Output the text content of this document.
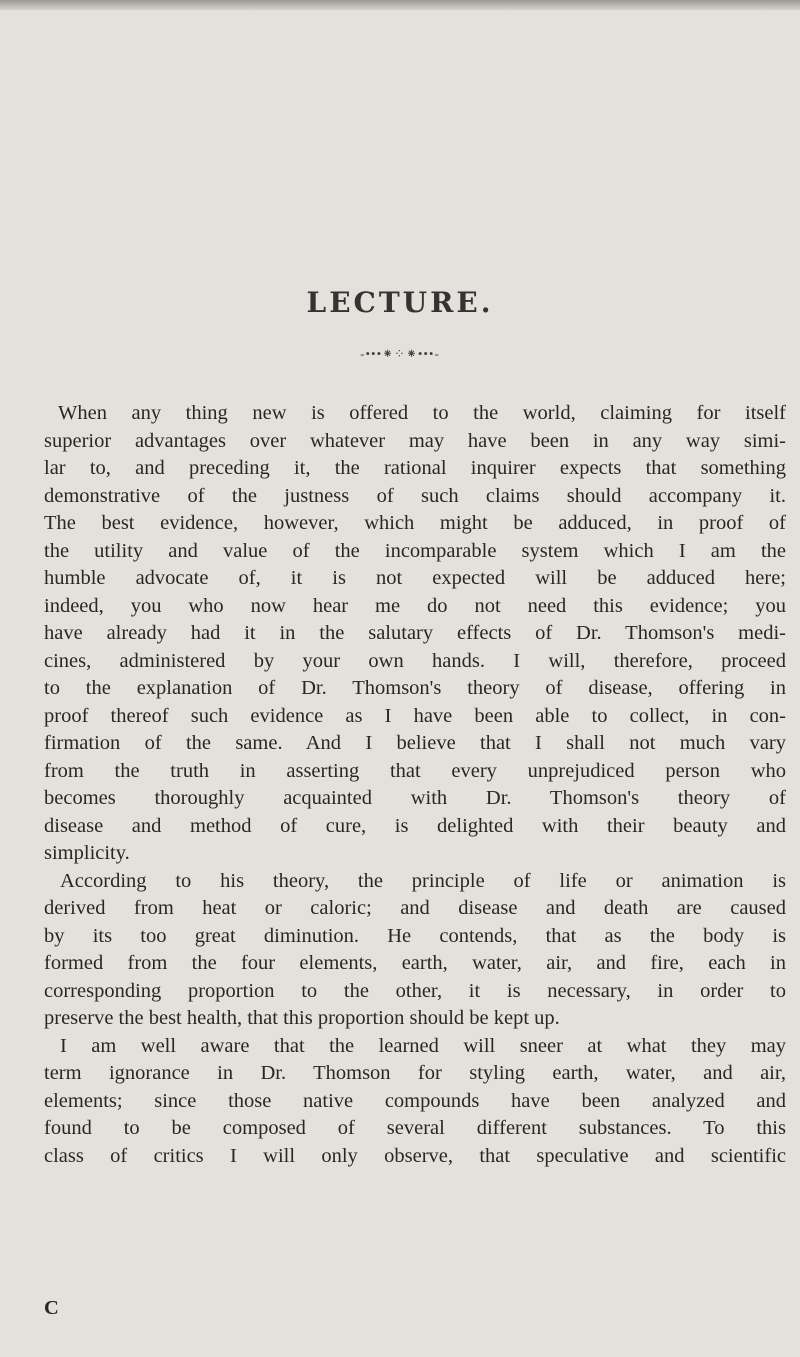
LECTURE.
-•••⁕⁘⁕•••-
When any thing new is offered to the world, claiming for itself
superior advantages over whatever may have been in any way simi-
lar to, and preceding it, the rational inquirer expects that something
demonstrative of the justness of such claims should accompany it.
The best evidence, however, which might be adduced, in proof of
the utility and value of the incomparable system which I am the
humble advocate of, it is not expected will be adduced here;
indeed, you who now hear me do not need this evidence; you
have already had it in the salutary effects of Dr. Thomson's medi-
cines, administered by your own hands. I will, therefore, proceed
to the explanation of Dr. Thomson's theory of disease, offering in
proof thereof such evidence as I have been able to collect, in con-
firmation of the same. And I believe that I shall not much vary
from the truth in asserting that every unprejudiced person who
becomes thoroughly acquainted with Dr. Thomson's theory of
disease and method of cure, is delighted with their beauty and
simplicity.
According to his theory, the principle of life or animation is
derived from heat or caloric; and disease and death are caused
by its too great diminution. He contends, that as the body is
formed from the four elements, earth, water, air, and fire, each in
corresponding proportion to the other, it is necessary, in order to
preserve the best health, that this proportion should be kept up.
I am well aware that the learned will sneer at what they may
term ignorance in Dr. Thomson for styling earth, water, and air,
elements; since those native compounds have been analyzed and
found to be composed of several different substances. To this
class of critics I will only observe, that speculative and scientific
C
